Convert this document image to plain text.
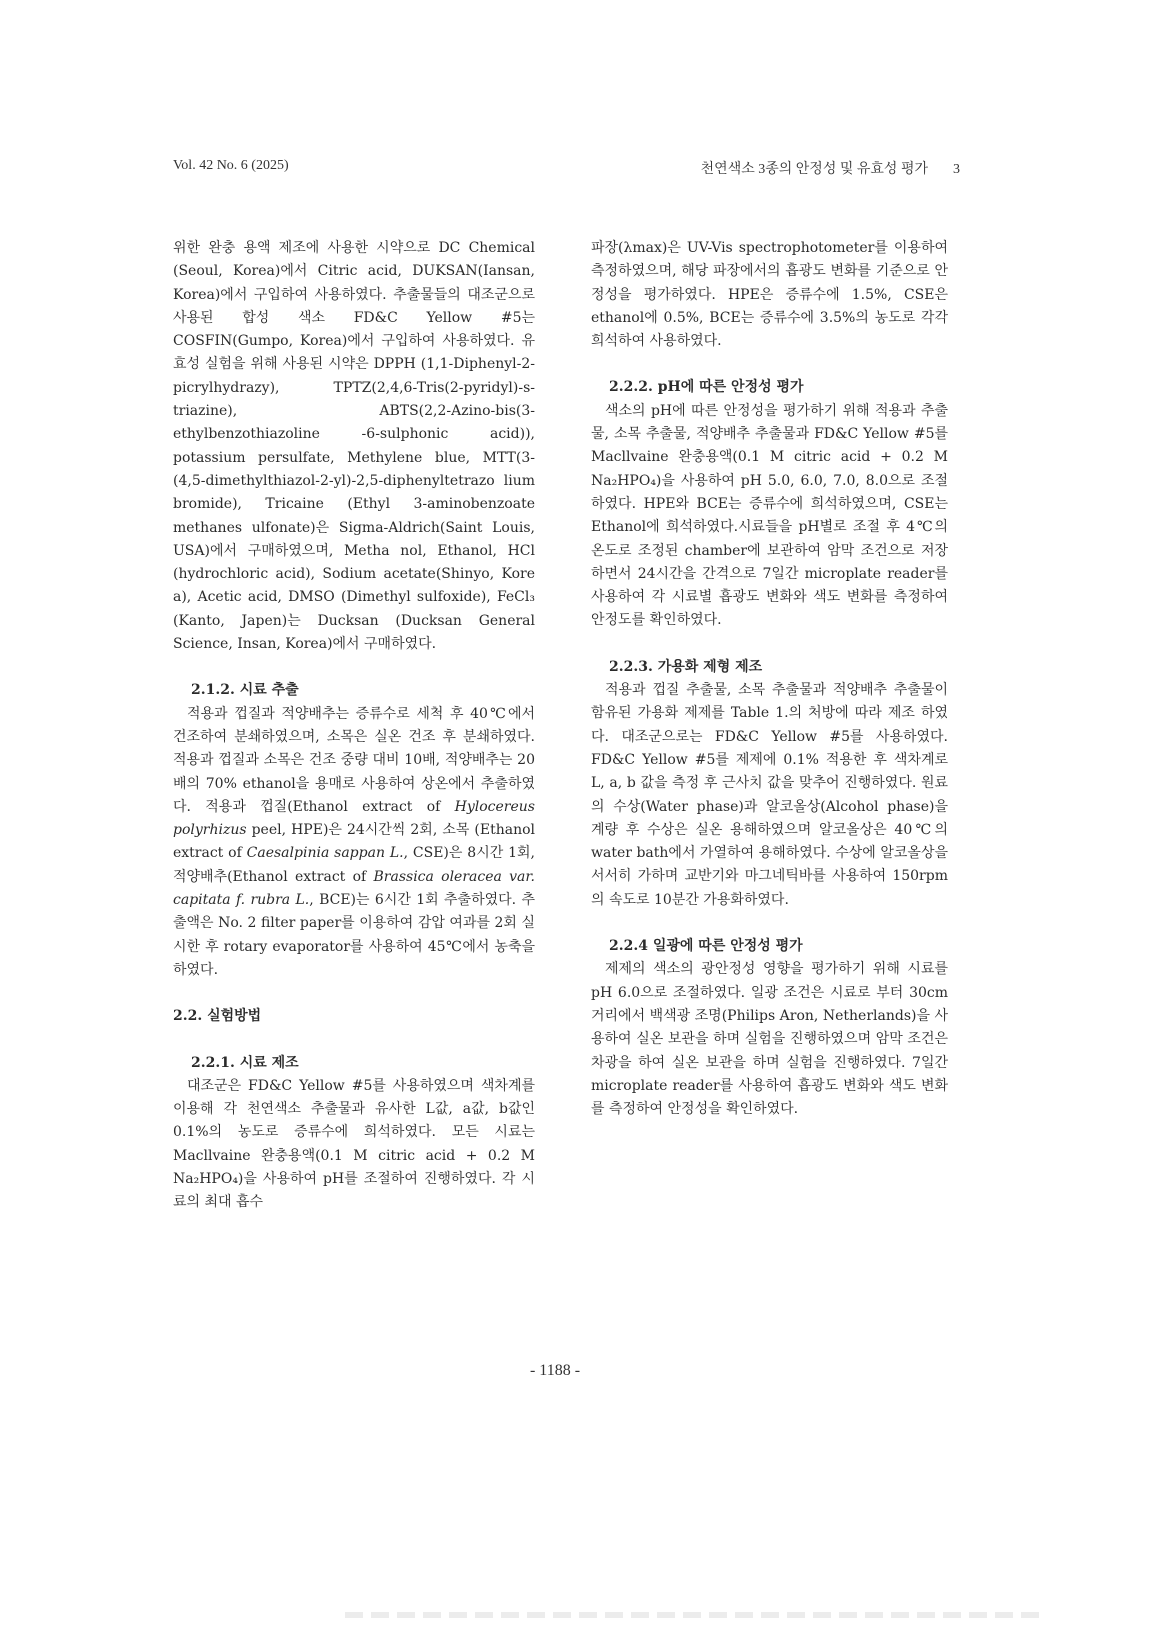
Vol. 42 No. 6 (2025)	천연색소 3종의 안정성 및 유효성 평가 3

위한 완충 용액 제조에 사용한 시약으로 DC Chemical (Seoul, Korea)에서 Citric acid, DUKSAN(Iansan, Korea)에서 구입하여 사용하였다. 추출물들의 대조군으로 사용된 합성 색소 FD&C Yellow #5는 COSFIN(Gumpo, Korea)에서 구입하여 사용하였다. 유효성 실험을 위해 사용된 시약은 DPPH (1,1-Diphenyl-2- picrylhydrazy), TPTZ(2,4,6-Tris(2-pyridyl)-s-triazine), ABTS(2,2-Azino-bis(3-ethylbenzothiazoline -6-sulphonic acid)), potassium persulfate, Methylene blue, MTT(3-(4,5-dimethylthiazol-2-yl)-2,5-diphenyltetrazo lium bromide), Tricaine (Ethyl 3-aminobenzoate methanes ulfonate)은 Sigma-Aldrich(Saint Louis, USA)에서 구매하였으며, Metha nol, Ethanol, HCl (hydrochloric acid), Sodium acetate(Shinyo, Kore a), Acetic acid, DMSO (Dimethyl sulfoxide), FeCl₃ (Kanto, Japen)는 Ducksan (Ducksan General Science, Insan, Korea)에서 구매하였다.

2.1.2. 시료 추출

적용과 껍질과 적양배추는 증류수로 세척 후 40℃에서 건조하여 분쇄하였으며, 소목은 실온 건조 후 분쇄하였다. 적용과 껍질과 소목은 건조 중량 대비 10배, 적양배추는 20배의 70% ethanol을 용매로 사용하여 상온에서 추출하였다. 적용과 껍질(Ethanol extract of Hylocereus polyrhizus peel, HPE)은 24시간씩 2회, 소목 (Ethanol extract of Caesalpinia sappan L., CSE)은 8시간 1회, 적양배추(Ethanol extract of Brassica oleracea var. capitata f. rubra L., BCE)는 6시간 1회 추출하였다. 추출액은 No. 2 filter paper를 이용하여 감압 여과를 2회 실시한 후 rotary evaporator를 사용하여 45℃에서 농축을 하였다.

2.2. 실험방법

2.2.1. 시료 제조

대조군은 FD&C Yellow #5를 사용하였으며 색차계를 이용해 각 천연색소 추출물과 유사한 L값, a값, b값인 0.1%의 농도로 증류수에 희석하였다. 모든 시료는 Macllvaine 완충용액(0.1 M citric acid + 0.2 M Na₂HPO₄)을 사용하여 pH를 조절하여 진행하였다. 각 시료의 최대 흡수

파장(λmax)은 UV-Vis spectrophotometer를 이용하여 측정하였으며, 해당 파장에서의 흡광도 변화를 기준으로 안정성을 평가하였다. HPE은 증류수에 1.5%, CSE은 ethanol에 0.5%, BCE는 증류수에 3.5%의 농도로 각각 희석하여 사용하였다.

2.2.2. pH에 따른 안정성 평가

색소의 pH에 따른 안정성을 평가하기 위해 적용과 추출물, 소목 추출물, 적양배추 추출물과 FD&C Yellow #5를 Macllvaine 완충용액(0.1 M citric acid + 0.2 M Na₂HPO₄)을 사용하여 pH 5.0, 6.0, 7.0, 8.0으로 조절하였다. HPE와 BCE는 증류수에 희석하였으며, CSE는 Ethanol에 희석하였다.시료들을 pH별로 조절 후 4℃의 온도로 조정된 chamber에 보관하여 암막 조건으로 저장하면서 24시간을 간격으로 7일간 microplate reader를 사용하여 각 시료별 흡광도 변화와 색도 변화를 측정하여 안정도를 확인하였다.

2.2.3. 가용화 제형 제조

적용과 껍질 추출물, 소목 추출물과 적양배추 추출물이 함유된 가용화 제제를 Table 1.의 처방에 따라 제조 하였다. 대조군으로는 FD&C Yellow #5를 사용하였다. FD&C Yellow #5를 제제에 0.1% 적용한 후 색차계로 L, a, b 값을 측정 후 근사치 값을 맞추어 진행하였다. 원료의 수상(Water phase)과 알코올상(Alcohol phase)을 계량 후 수상은 실온 용해하였으며 알코올상은 40℃의 water bath에서 가열하여 용해하였다. 수상에 알코올상을 서서히 가하며 교반기와 마그네틱바를 사용하여 150rpm의 속도로 10분간 가용화하였다.

2.2.4 일광에 따른 안정성 평가

제제의 색소의 광안정성 영향을 평가하기 위해 시료를 pH 6.0으로 조절하였다. 일광 조건은 시료로 부터 30cm 거리에서 백색광 조명(Philips Aron, Netherlands)을 사용하여 실온 보관을 하며 실험을 진행하였으며 암막 조건은 차광을 하여 실온 보관을 하며 실험을 진행하였다. 7일간 microplate reader를 사용하여 흡광도 변화와 색도 변화를 측정하여 안정성을 확인하였다.

- 1188 -
